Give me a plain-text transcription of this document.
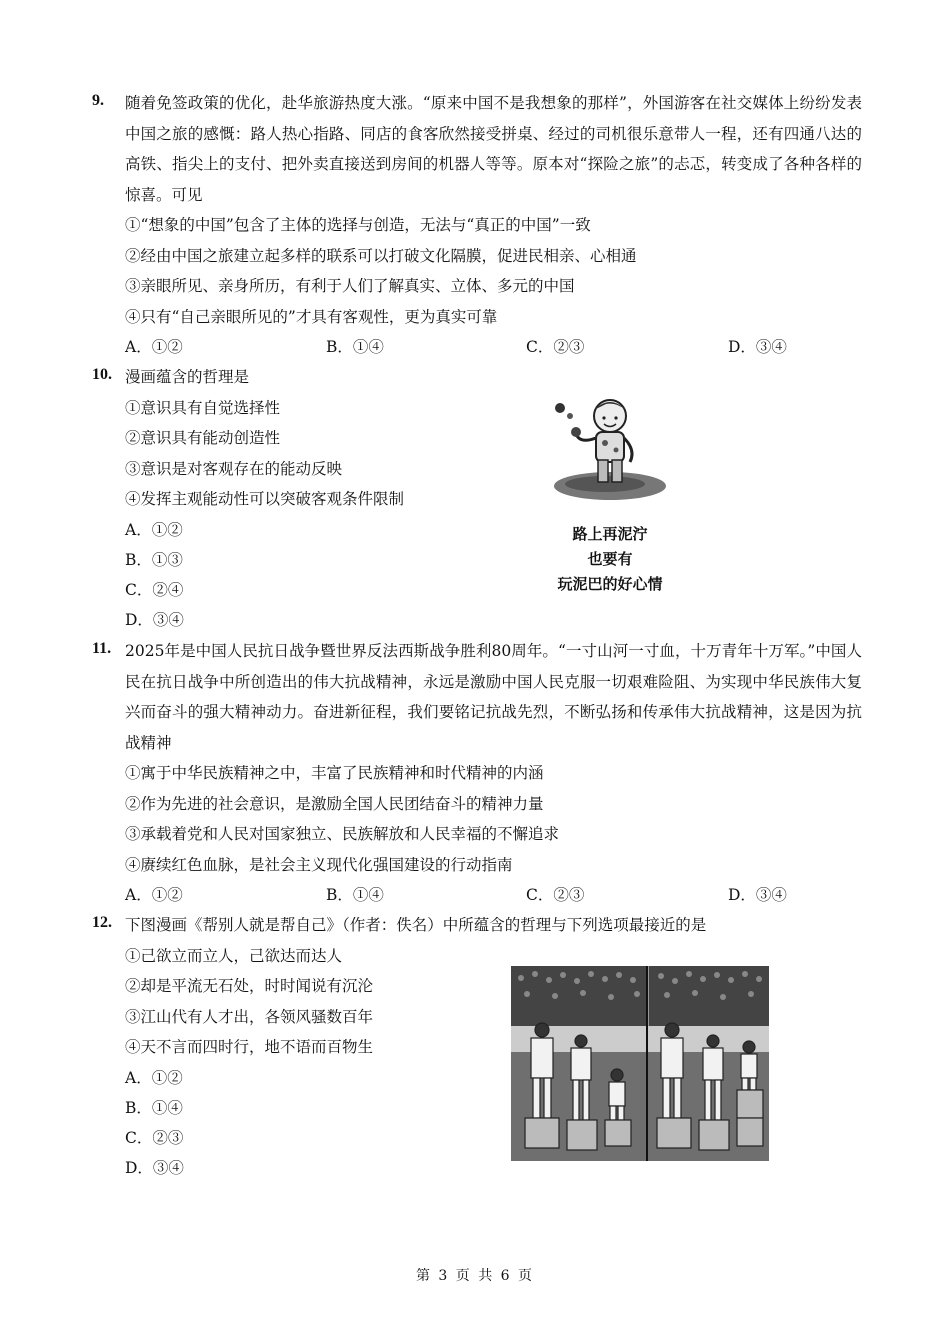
9. 随着免签政策的优化，赴华旅游热度大涨。“原来中国不是我想象的那样”，外国游客在社交媒体上纷纷发表中国之旅的感慨：路人热心指路、同店的食客欣然接受拼桌、经过的司机很乐意带人一程，还有四通八达的高铁、指尖上的支付、把外卖直接送到房间的机器人等等。原本对“探险之旅”的忐忑，转变成了各种各样的惊喜。可见
①“想象的中国”包含了主体的选择与创造，无法与“真正的中国”一致
②经由中国之旅建立起多样的联系可以打破文化隔膜，促进民相亲、心相通
③亲眼所见、亲身所历，有利于人们了解真实、立体、多元的中国
④只有“自己亲眼所见的”才具有客观性，更为真实可靠
A．①②	B．①④	C．②③	D．③④
10. 漫画蕴含的哲理是
①意识具有自觉选择性
②意识具有能动创造性
③意识是对客观存在的能动反映
④发挥主观能动性可以突破客观条件限制
A．①②
B．①③
C．②④
D．③④
路上再泥泞
也要有
玩泥巴的好心情
11. 2025年是中国人民抗日战争暨世界反法西斯战争胜利80周年。“一寸山河一寸血，十万青年十万军。”中国人民在抗日战争中所创造出的伟大抗战精神，永远是激励中国人民克服一切艰难险阻、为实现中华民族伟大复兴而奋斗的强大精神动力。奋进新征程，我们要铭记抗战先烈，不断弘扬和传承伟大抗战精神，这是因为抗战精神
①寓于中华民族精神之中，丰富了民族精神和时代精神的内涵
②作为先进的社会意识，是激励全国人民团结奋斗的精神力量
③承载着党和人民对国家独立、民族解放和人民幸福的不懈追求
④赓续红色血脉，是社会主义现代化强国建设的行动指南
A．①②	B．①④	C．②③	D．③④
12. 下图漫画《帮别人就是帮自己》（作者：佚名）中所蕴含的哲理与下列选项最接近的是
①己欲立而立人，己欲达而达人
②却是平流无石处，时时闻说有沉沦
③江山代有人才出，各领风骚数百年
④天不言而四时行，地不语而百物生
A．①②
B．①④
C．②③
D．③④
第 3 页 共 6 页
